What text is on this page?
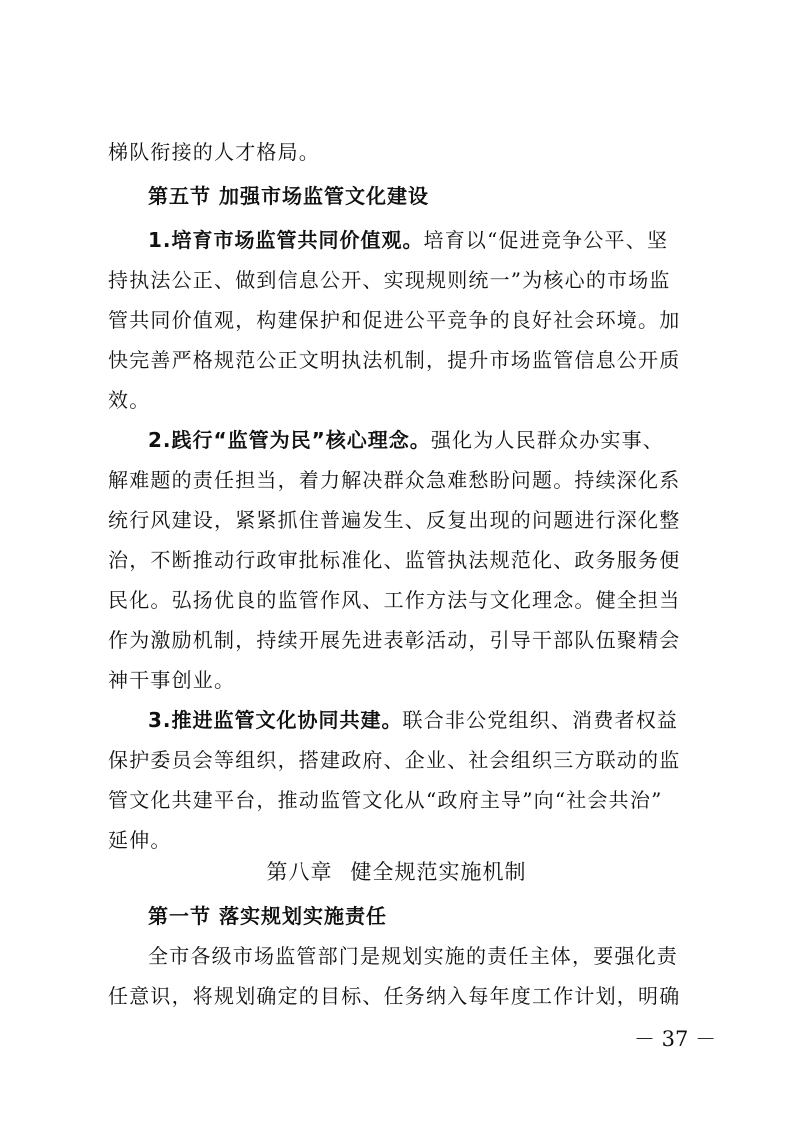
梯队衔接的人才格局。
第五节 加强市场监管文化建设
1.培育市场监管共同价值观。培育以“促进竞争公平、坚
持执法公正、做到信息公开、实现规则统一”为核心的市场监
管共同价值观，构建保护和促进公平竞争的良好社会环境。加
快完善严格规范公正文明执法机制，提升市场监管信息公开质
效。
2.践行“监管为民”核心理念。强化为人民群众办实事、
解难题的责任担当，着力解决群众急难愁盼问题。持续深化系
统行风建设，紧紧抓住普遍发生、反复出现的问题进行深化整
治，不断推动行政审批标准化、监管执法规范化、政务服务便
民化。弘扬优良的监管作风、工作方法与文化理念。健全担当
作为激励机制，持续开展先进表彰活动，引导干部队伍聚精会
神干事创业。
3.推进监管文化协同共建。联合非公党组织、消费者权益
保护委员会等组织，搭建政府、企业、社会组织三方联动的监
管文化共建平台，推动监管文化从“政府主导”向“社会共治”
延伸。
第八章 健全规范实施机制
第一节 落实规划实施责任
全市各级市场监管部门是规划实施的责任主体，要强化责
任意识，将规划确定的目标、任务纳入每年度工作计划，明确
－ 37 －
